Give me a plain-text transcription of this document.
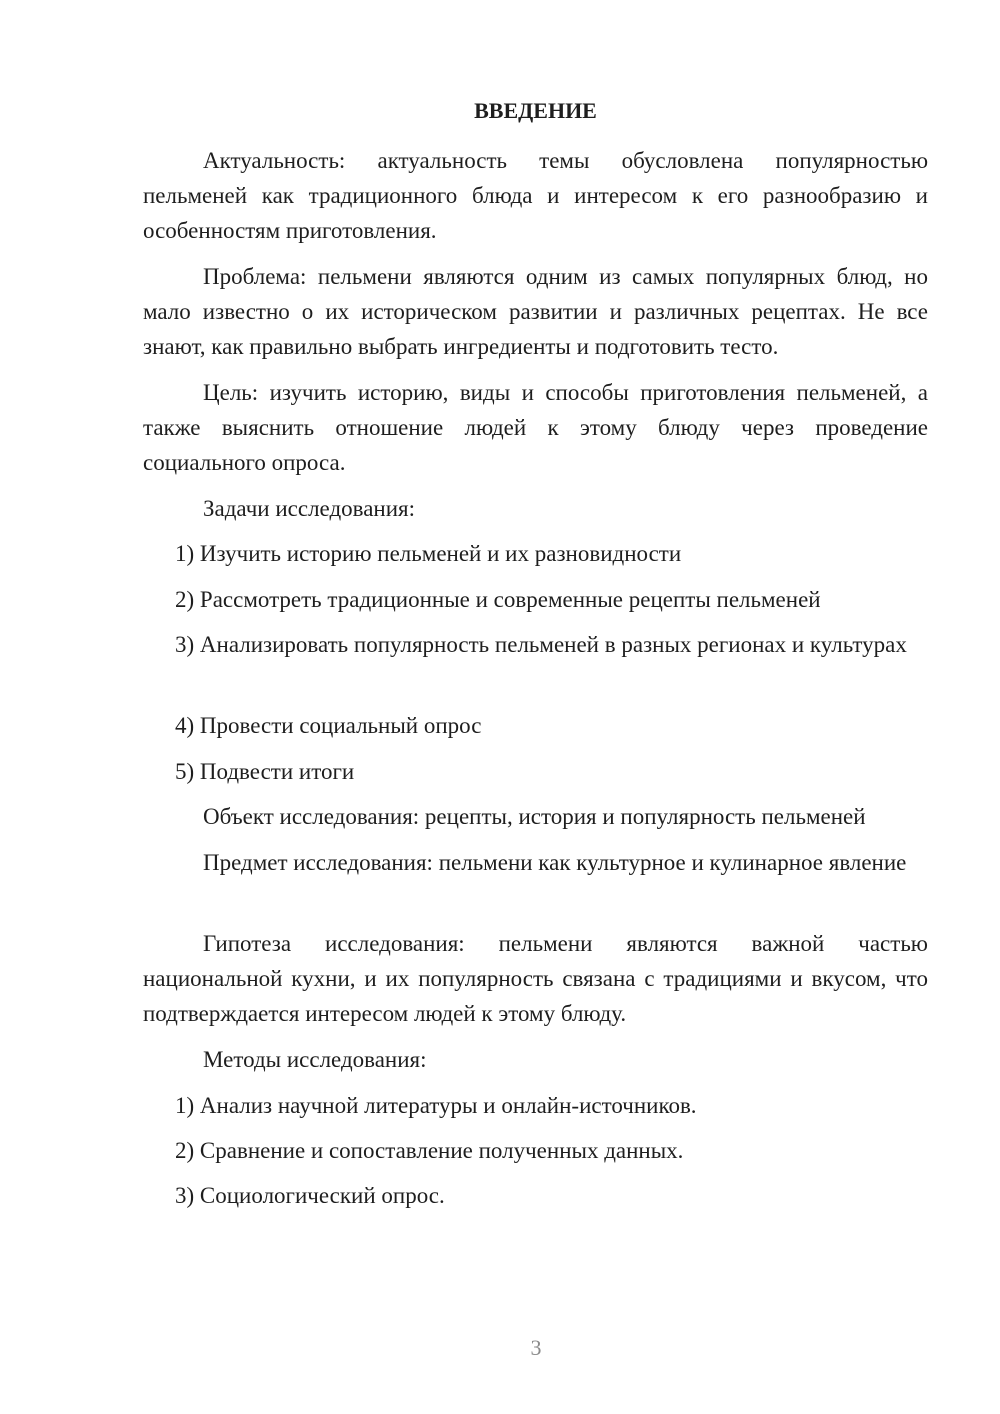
ВВЕДЕНИЕ

Актуальность: актуальность темы обусловлена популярностью пельменей как традиционного блюда и интересом к его разнообразию и особенностям приготовления.

Проблема: пельмени являются одним из самых популярных блюд, но мало известно о их историческом развитии и различных рецептах. Не все знают, как правильно выбрать ингредиенты и подготовить тесто.

Цель: изучить историю, виды и способы приготовления пельменей, а также выяснить отношение людей к этому блюду через проведение социального опроса.

Задачи исследования:

1) Изучить историю пельменей и их разновидности

2) Рассмотреть традиционные и современные рецепты пельменей

3) Анализировать популярность пельменей в разных регионах и культурах

4) Провести социальный опрос

5) Подвести итоги

Объект исследования: рецепты, история и популярность пельменей

Предмет исследования: пельмени как культурное и кулинарное явление

Гипотеза исследования: пельмени являются важной частью национальной кухни, и их популярность связана с традициями и вкусом, что подтверждается интересом людей к этому блюду.

Методы исследования:

1) Анализ научной литературы и онлайн-источников.

2) Сравнение и сопоставление полученных данных.

3) Социологический опрос.

3
